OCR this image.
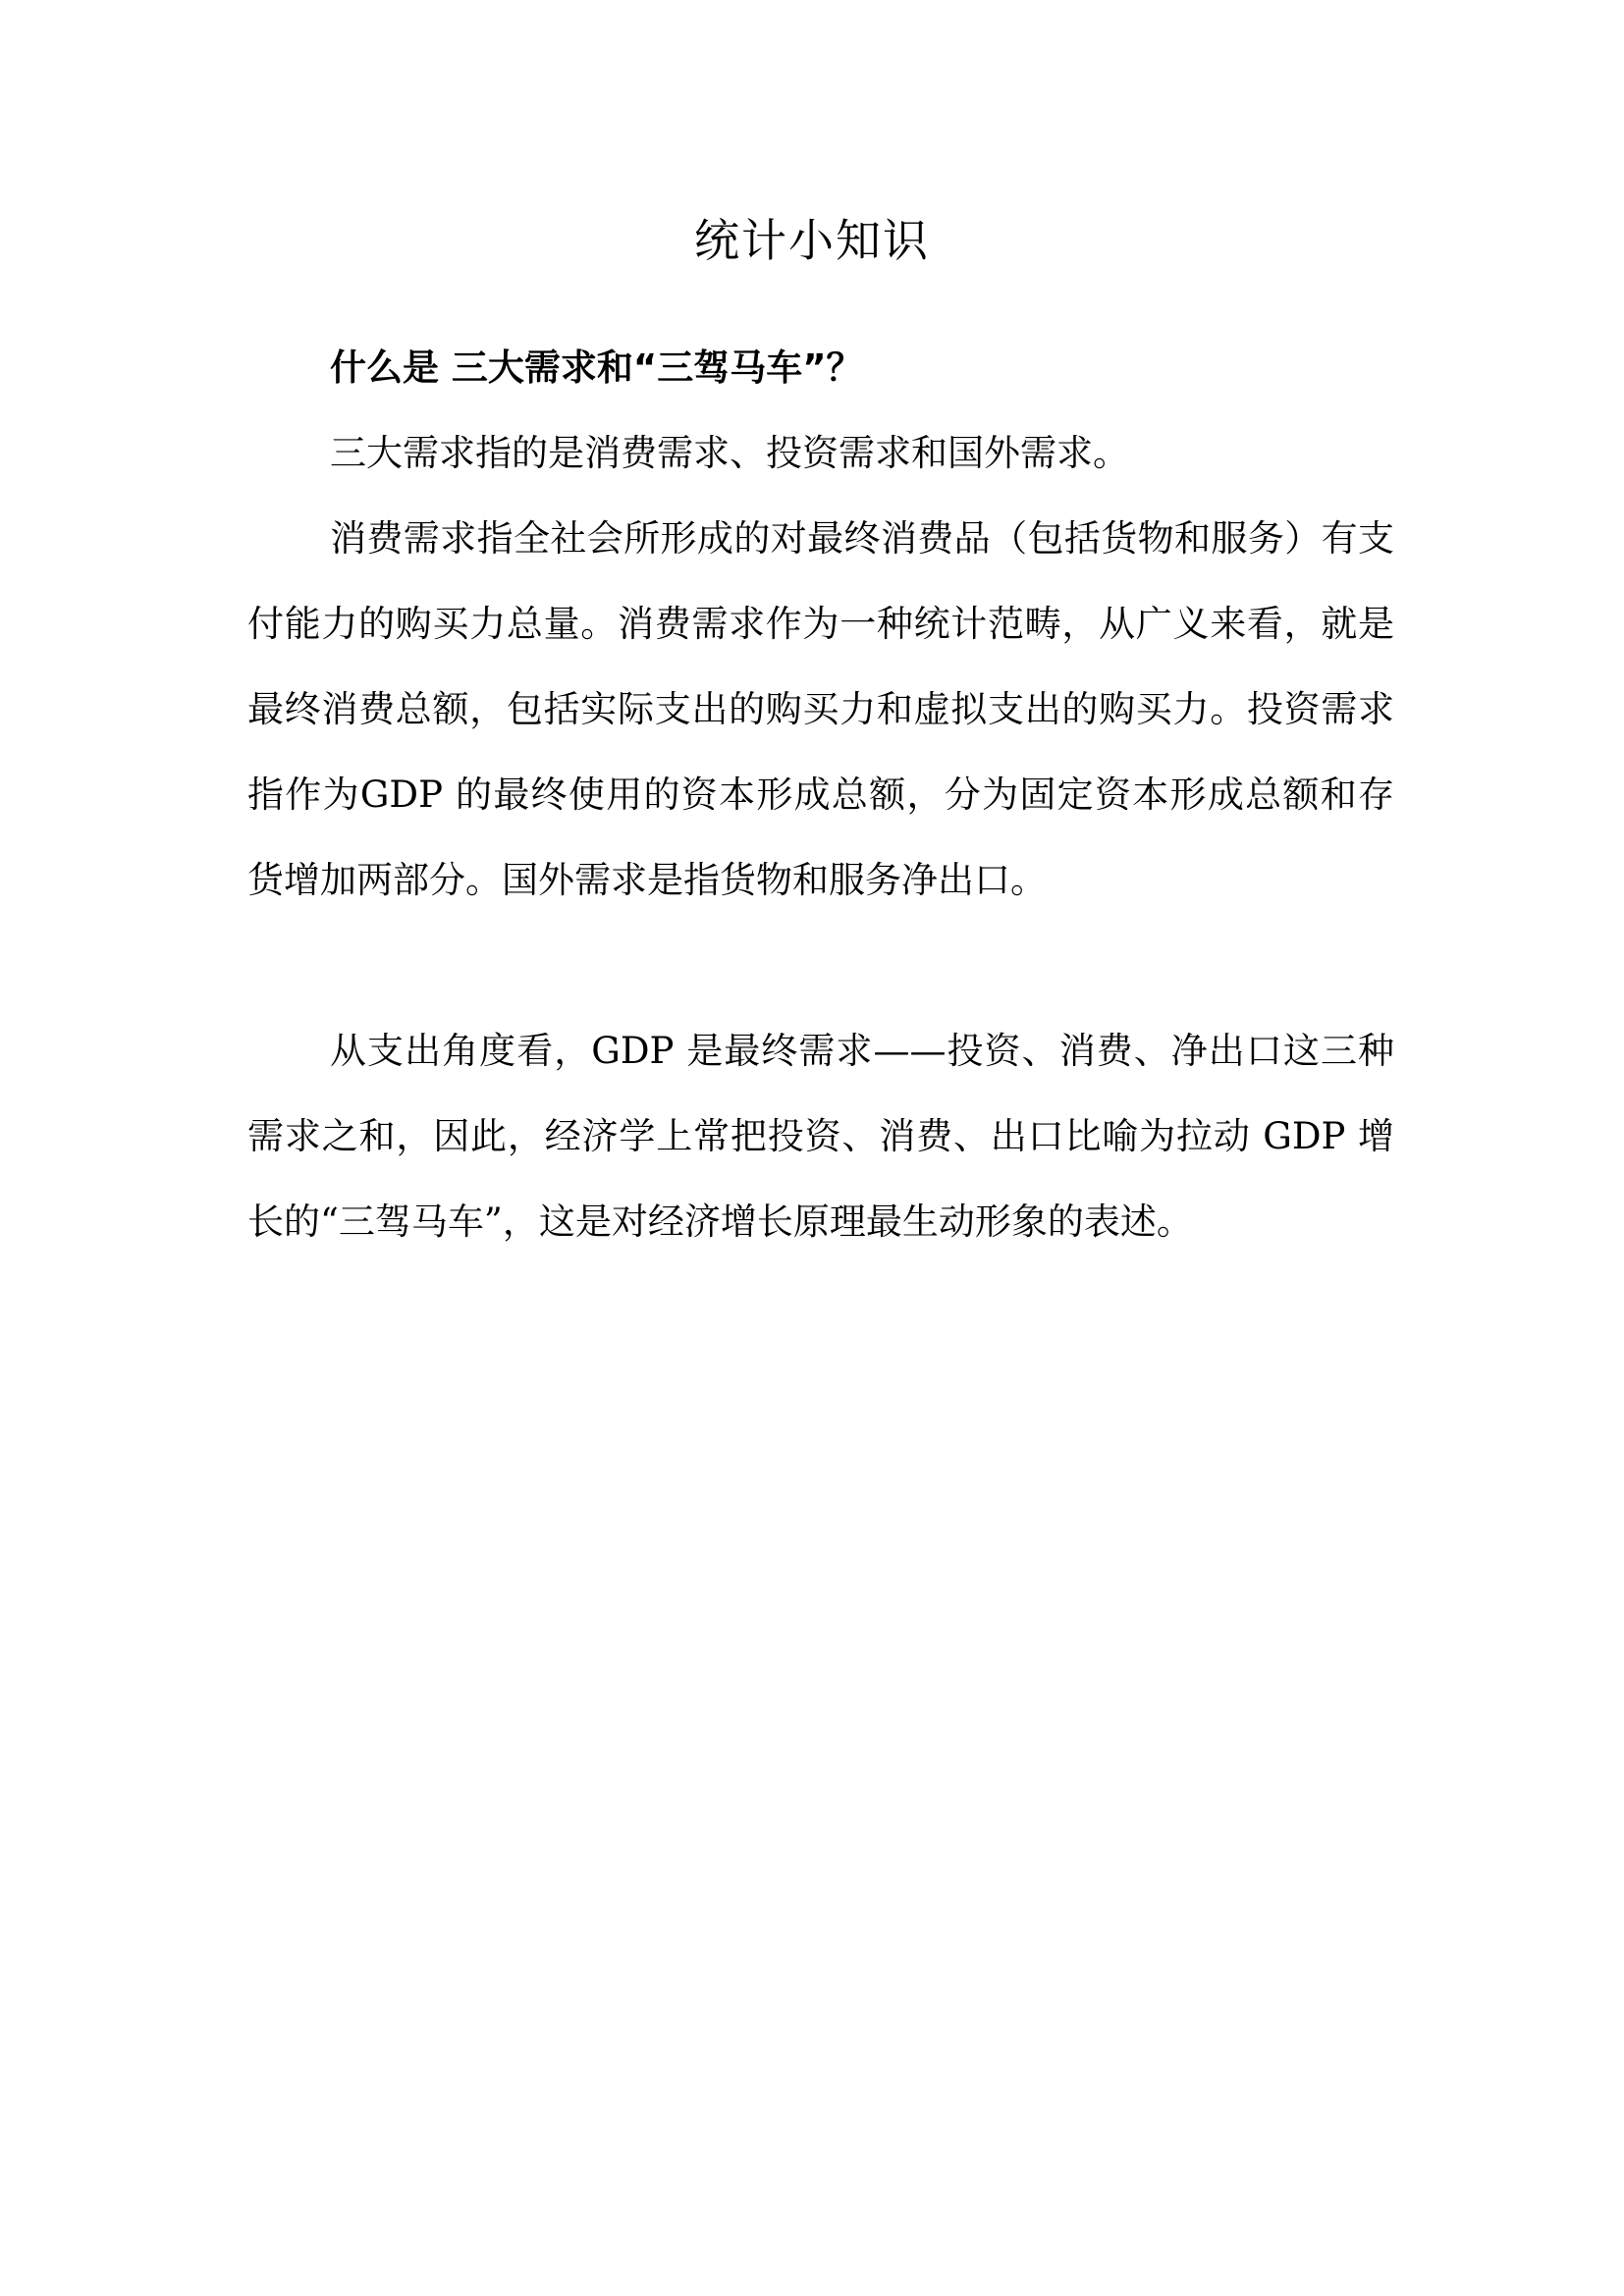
统计小知识
什么是 三大需求和“三驾马车”？

三大需求指的是消费需求、投资需求和国外需求。

消费需求指全社会所形成的对最终消费品（包括货物和服务）有支付能力的购买力总量。消费需求作为一种统计范畴，从广义来看，就是最终消费总额，包括实际支出的购买力和虚拟支出的购买力。投资需求指作为GDP 的最终使用的资本形成总额，分为固定资本形成总额和存货增加两部分。国外需求是指货物和服务净出口。

从支出角度看，GDP 是最终需求——投资、消费、净出口这三种需求之和，因此，经济学上常把投资、消费、出口比喻为拉动 GDP 增长的“三驾马车”，这是对经济增长原理最生动形象的表述。
